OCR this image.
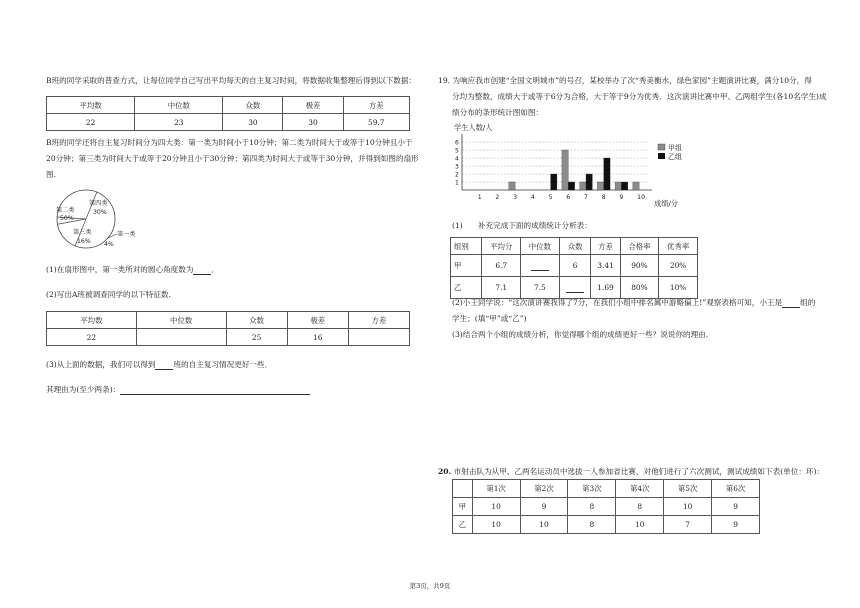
B班的同学采取的普查方式，让每位同学自己写出平均每天的自主复习时间，将数据收集整理后得到以下数据：
平均数	中位数	众数	极差	方差
22	23	30	30	59.7
B班的同学还将自主复习时间分为四大类：第一类为时间小于10分钟；第二类为时间大于或等于10分钟且小于
20分钟；第三类为时间大于或等于20分钟且小于30分钟；第四类为时间大于或等于30分钟，并得到如图的扇形
图.
第二类
50%
第四类
30%
第三类
16%
第一类
4%
(1)在扇形图中，第一类所对的圆心角度数为 ．
(2)写出A班被调查同学的以下特征数.
平均数	中位数	众数	极差	方差
22		25	16	
(3)从上面的数据，我们可以得到 班的自主复习情况更好一些．
其理由为(至少两条)：
19. 为响应我市创建“全国文明城市”的号召，某校举办了次“秀美衡水，绿色家园”主题演讲比赛，满分10分，得
分均为整数，成绩大于或等于6分为合格，大于等于9分为优秀．这次演讲比赛中甲、乙两组学生(各10名学生)成
绩分布的条形统计图如图：
学生人数/人
1
2
3
4
5
6
1 2 3 4 5 6 7 8 9 10
成绩/分
甲组
乙组
(1)　　补充完成下面的成绩统计分析表：
组别	平均分	中位数	众数	方差	合格率	优秀率
甲	6.7		6	3.41	90%	20%
乙	7.1	7.5		1.69	80%	10%
(2)小王同学说：“这次演讲赛我得了7分，在我们小组中排名属中游略偏上!”观察表格可知，小王是 组的
学生；(填“甲”或“乙”)
(3)结合两个小组的成绩分析，你觉得哪个组的成绩更好一些？说说你的理由.
20. 市射击队为从甲、乙两名运动员中选拔一人参加省比赛，对他们进行了六次测试，测试成绩如下表(单位：环)：
	第1次	第2次	第3次	第4次	第5次	第6次
甲	10	9	8	8	10	9
乙	10	10	8	10	7	9
第3页，共9页
